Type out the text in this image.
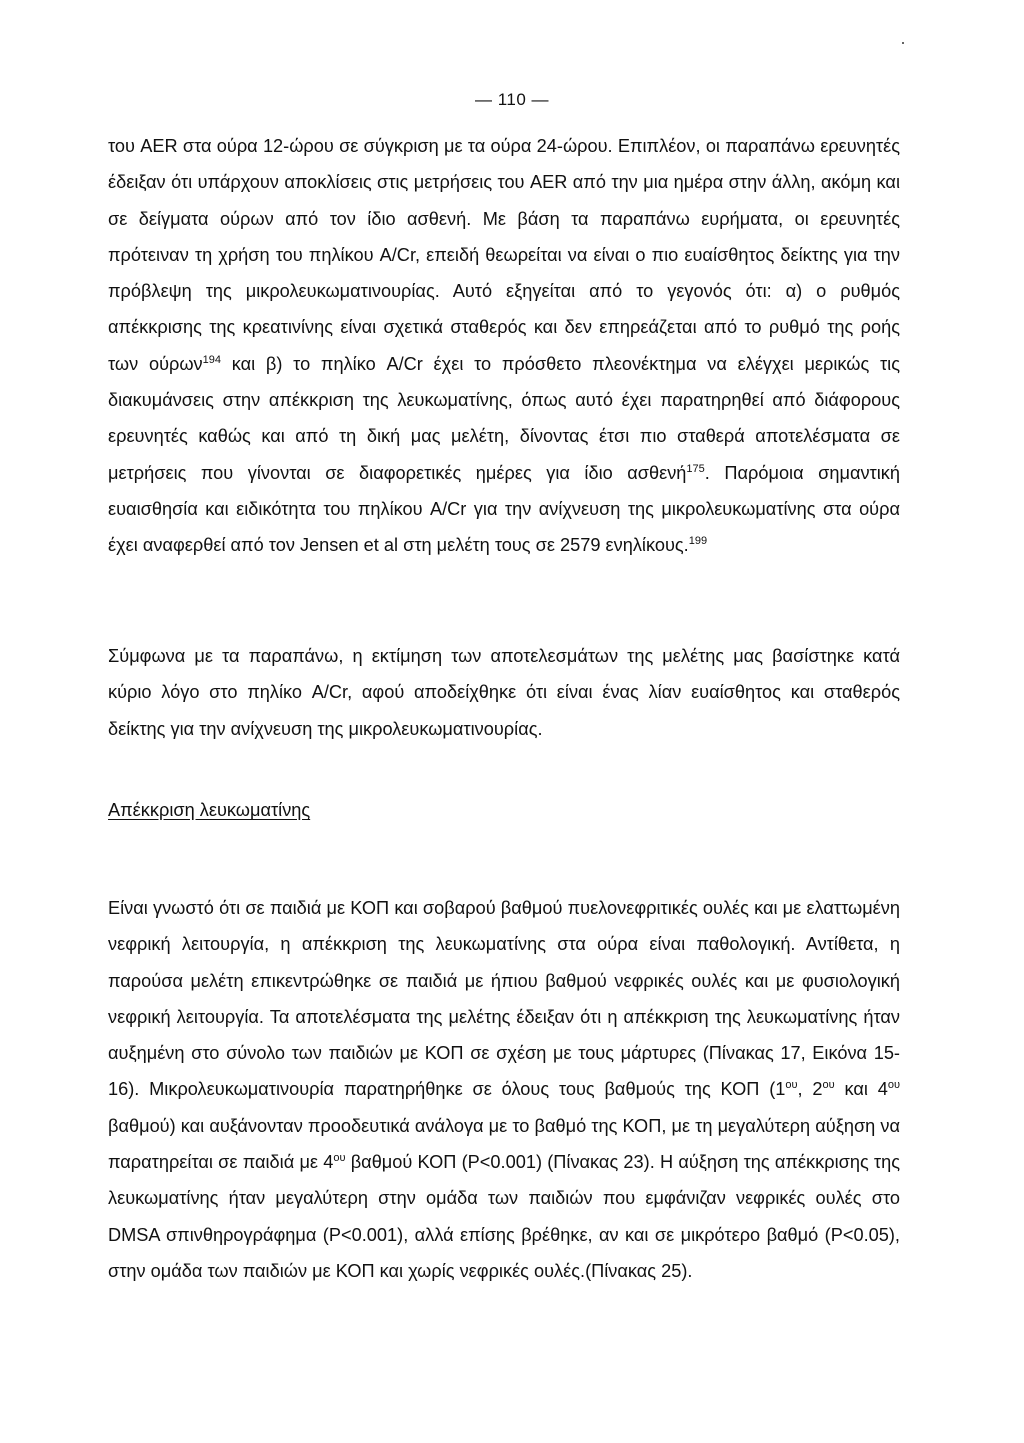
— 110 —

του AER στα ούρα 12-ώρου σε σύγκριση με τα ούρα 24-ώρου. Επιπλέον, οι παραπάνω ερευνητές έδειξαν ότι υπάρχουν αποκλίσεις στις μετρήσεις του AER από την μια ημέρα στην άλλη, ακόμη και σε δείγματα ούρων από τον ίδιο ασθενή. Με βάση τα παραπάνω ευρήματα, οι ερευνητές πρότειναν τη χρήση του πηλίκου A/Cr, επειδή θεωρείται να είναι ο πιο ευαίσθητος δείκτης για την πρόβλεψη της μικρολευκωματινουρίας. Αυτό εξηγείται από το γεγονός ότι: α) ο ρυθμός απέκκρισης της κρεατινίνης είναι σχετικά σταθερός και δεν επηρεάζεται από το ρυθμό της ροής των ούρων$^{194}$ και β) το πηλίκο A/Cr έχει το πρόσθετο πλεονέκτημα να ελέγχει μερικώς τις διακυμάνσεις στην απέκκριση της λευκωματίνης, όπως αυτό έχει παρατηρηθεί από διάφορους ερευνητές καθώς και από τη δική μας μελέτη, δίνοντας έτσι πιο σταθερά αποτελέσματα σε μετρήσεις που γίνονται σε διαφορετικές ημέρες για ίδιο ασθενή$^{175}$. Παρόμοια σημαντική ευαισθησία και ειδικότητα του πηλίκου A/Cr για την ανίχνευση της μικρολευκωματίνης στα ούρα έχει αναφερθεί από τον Jensen et al στη μελέτη τους σε 2579 ενηλίκους.$^{199}$

Σύμφωνα με τα παραπάνω, η εκτίμηση των αποτελεσμάτων της μελέτης μας βασίστηκε κατά κύριο λόγο στο πηλίκο A/Cr, αφού αποδείχθηκε ότι είναι ένας λίαν ευαίσθητος και σταθερός δείκτης για την ανίχνευση της μικρολευκωματινουρίας.

Απέκκριση λευκωματίνης

Είναι γνωστό ότι σε παιδιά με ΚΟΠ και σοβαρού βαθμού πυελονεφριτικές ουλές και με ελαττωμένη νεφρική λειτουργία, η απέκκριση της λευκωματίνης στα ούρα είναι παθολογική. Αντίθετα, η παρούσα μελέτη επικεντρώθηκε σε παιδιά με ήπιου βαθμού νεφρικές ουλές και με φυσιολογική νεφρική λειτουργία. Τα αποτελέσματα της μελέτης έδειξαν ότι η απέκκριση της λευκωματίνης ήταν αυξημένη στο σύνολο των παιδιών με ΚΟΠ σε σχέση με τους μάρτυρες (Πίνακας 17, Εικόνα 15-16). Μικρολευκωματινουρία παρατηρήθηκε σε όλους τους βαθμούς της ΚΟΠ ($1^{o\upsilon}$, $2^{o\upsilon}$ και $4^{o\upsilon}$ βαθμού) και αυξάνονταν προοδευτικά ανάλογα με το βαθμό της ΚΟΠ, με τη μεγαλύτερη αύξηση να παρατηρείται σε παιδιά με $4^{o\upsilon}$ βαθμού ΚΟΠ (P<0.001) (Πίνακας 23). Η αύξηση της απέκκρισης της λευκωματίνης ήταν μεγαλύτερη στην ομάδα των παιδιών που εμφάνιζαν νεφρικές ουλές στο DMSA σπινθηρογράφημα (P<0.001), αλλά επίσης βρέθηκε, αν και σε μικρότερο βαθμό (P<0.05), στην ομάδα των παιδιών με ΚΟΠ και χωρίς νεφρικές ουλές.(Πίνακας 25).
